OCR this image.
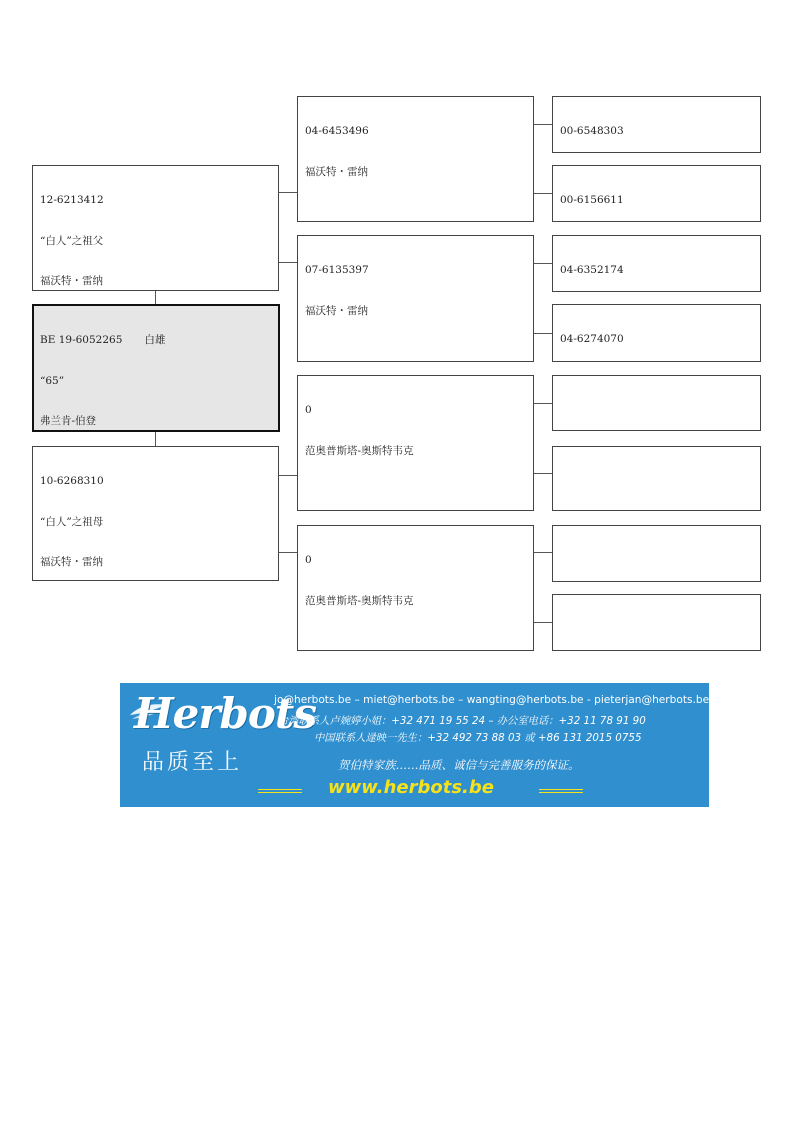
BE 19-6052265 白雄

“65”

弗兰肯-伯登

12-6213412

“白人”之祖父

福沃特・雷纳

10-6268310

“白人”之祖母

福沃特・雷纳

04-6453496

福沃特・雷纳

07-6135397

福沃特・雷纳

0

范奥普斯塔-奥斯特韦克

0

范奥普斯塔-奥斯特韦克

00-6548303

00-6156611

04-6352174

04-6274070

Herbots
品质至上
jo@herbots.be – miet@herbots.be – wangting@herbots.be - pieterjan@herbots.be
台湾联系人卢婉婷小姐：+32 471 19 55 24 – 办公室电话：+32 11 78 91 90
中国联系人逯映一先生：+32 492 73 88 03 或 +86 131 2015 0755
贺伯特家族……品质、诚信与完善服务的保证。
www.herbots.be
